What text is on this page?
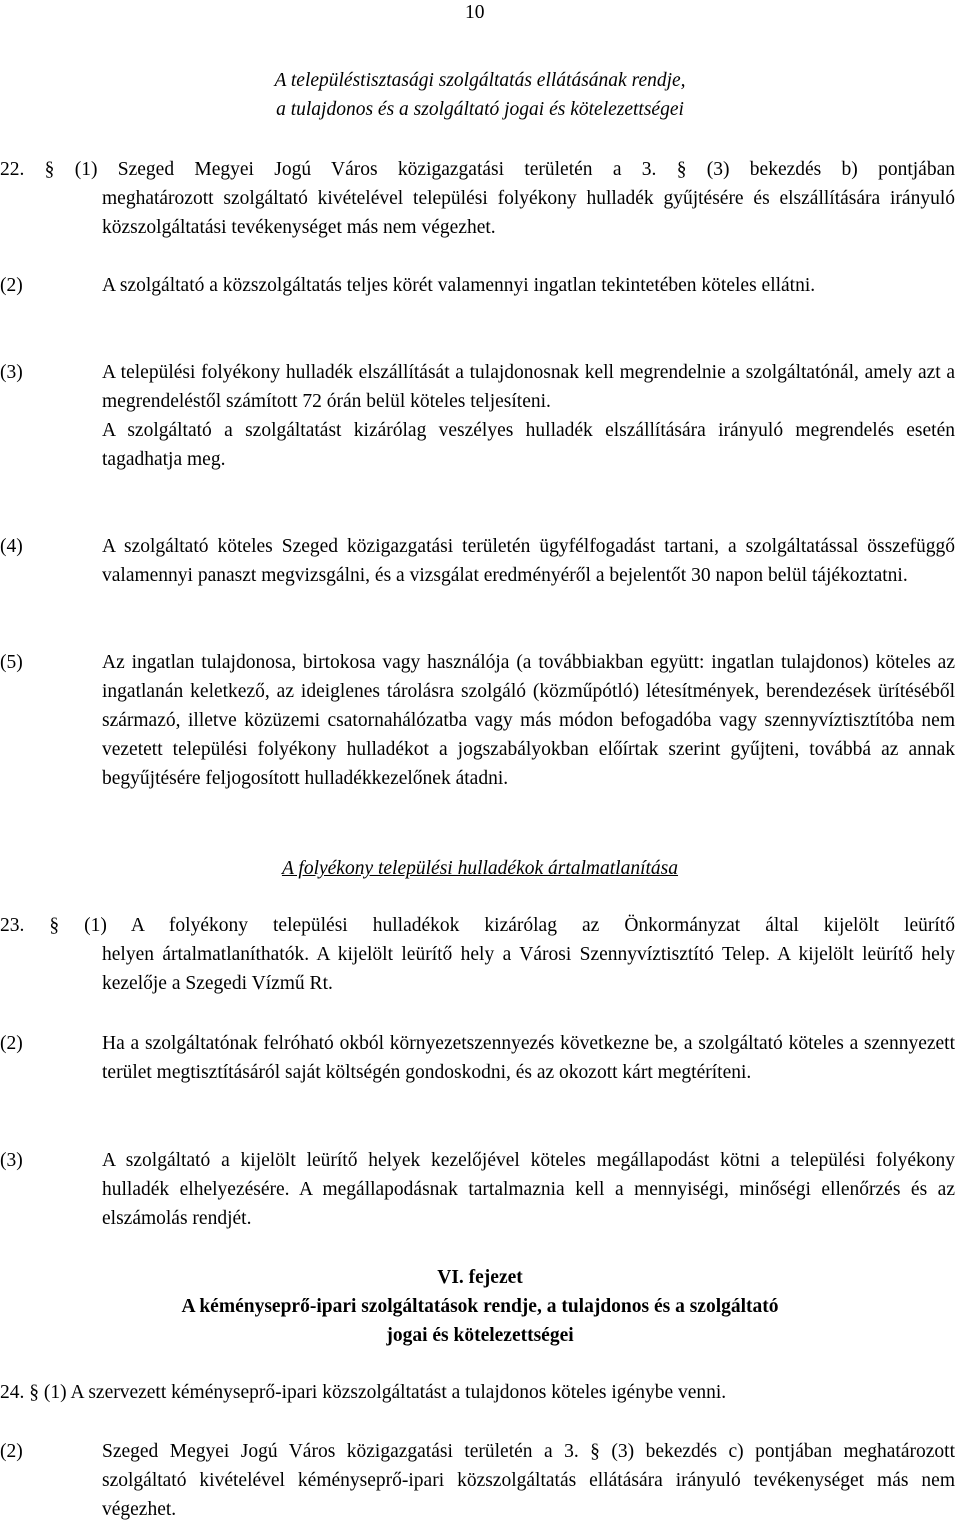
10
A településtisztasági szolgáltatás ellátásának rendje,
a tulajdonos és a szolgáltató jogai és kötelezettségei
22. § (1) Szeged Megyei Jogú Város közigazgatási területén a 3. § (3) bekezdés b) pontjában
meghatározott szolgáltató kivételével települési folyékony hulladék gyűjtésére és elszállítására irányuló közszolgáltatási tevékenységet más nem végezhet.
(2)	A szolgáltató a közszolgáltatás teljes körét valamennyi ingatlan tekintetében köteles ellátni.
(3)	A települési folyékony hulladék elszállítását a tulajdonosnak kell megrendelnie a szolgáltatónál, amely azt a megrendeléstől számított 72 órán belül köteles teljesíteni.
A szolgáltató a szolgáltatást kizárólag veszélyes hulladék elszállítására irányuló megrendelés esetén tagadhatja meg.
(4)	A szolgáltató köteles Szeged közigazgatási területén ügyfélfogadást tartani, a szolgáltatással összefüggő valamennyi panaszt megvizsgálni, és a vizsgálat eredményéről a bejelentőt 30 napon belül tájékoztatni.
(5)	Az ingatlan tulajdonosa, birtokosa vagy használója (a továbbiakban együtt: ingatlan tulajdonos) köteles az ingatlanán keletkező, az ideiglenes tárolásra szolgáló (közműpótló) létesítmények, berendezések ürítéséből származó, illetve közüzemi csatornahálózatba vagy más módon befogadóba vagy szennyvíztisztítóba nem vezetett települési folyékony hulladékot a jogszabályokban előírtak szerint gyűjteni, továbbá az annak begyűjtésére feljogosított hulladékkezelőnek átadni.
A folyékony települési hulladékok ártalmatlanítása
23. § (1) A folyékony települési hulladékok kizárólag az Önkormányzat által kijelölt leürítő
helyen ártalmatlaníthatók. A kijelölt leürítő hely a Városi Szennyvíztisztító Telep. A kijelölt leürítő hely kezelője a Szegedi Vízmű Rt.
(2)	Ha a szolgáltatónak felróható okból környezetszennyezés következne be, a szolgáltató köteles a szennyezett terület megtisztításáról saját költségén gondoskodni, és az okozott kárt megtéríteni.
(3)	A szolgáltató a kijelölt leürítő helyek kezelőjével köteles megállapodást kötni a települési folyékony hulladék elhelyezésére. A megállapodásnak tartalmaznia kell a mennyiségi, minőségi ellenőrzés és az elszámolás rendjét.
VI. fejezet
A kéményseprő-ipari szolgáltatások rendje, a tulajdonos és a szolgáltató
jogai és kötelezettségei
24. § (1) A szervezett kéményseprő-ipari közszolgáltatást a tulajdonos köteles igénybe venni.
(2)	Szeged Megyei Jogú Város közigazgatási területén a 3. § (3) bekezdés c) pontjában meghatározott szolgáltató kivételével kéményseprő-ipari közszolgáltatás ellátására irányuló tevékenységet más nem végezhet.
